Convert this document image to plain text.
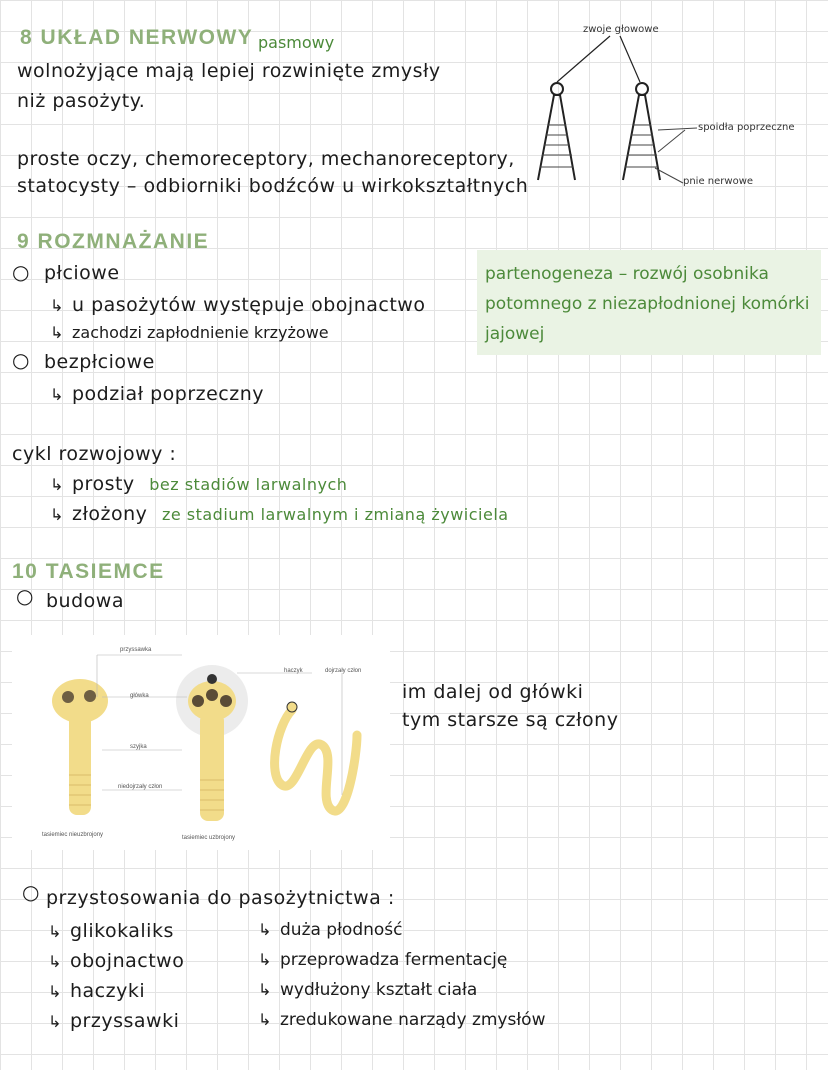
8 UKŁAD NERWOWY pasmowy
wolnożyjące mają lepiej rozwinięte zmysły
niż pasożyty.
proste oczy, chemoreceptory, mechanoreceptory,
statocysty – odbiorniki bodźców u wirkokształtnych
zwoje głowowe
spoidła poprzeczne
pnie nerwowe
9 ROZMNAŻANIE
○ płciowe
↳ u pasożytów występuje obojnactwo
↳ zachodzi zapłodnienie krzyżowe
○ bezpłciowe
↳ podział poprzeczny
partenogeneza – rozwój osobnika
potomnego z niezapłodnionej komórki
jajowej
cykl rozwojowy :
↳ prosty bez stadiów larwalnych
↳ złożony ze stadium larwalnym i zmianą żywiciela
10 TASIEMCE
○ budowa
przyssawka
główka
szyjka
niedojrzały człon
haczyk	dojrzały człon
tasiemiec nieuzbrojony	tasiemiec uzbrojony
im dalej od główki
tym starsze są człony
○ przystosowania do pasożytnictwa :
↳ glikokaliks
↳ obojnactwo
↳ haczyki
↳ przyssawki
↳ duża płodność
↳ przeprowadza fermentację
↳ wydłużony kształt ciała
↳ zredukowane narządy zmysłów
